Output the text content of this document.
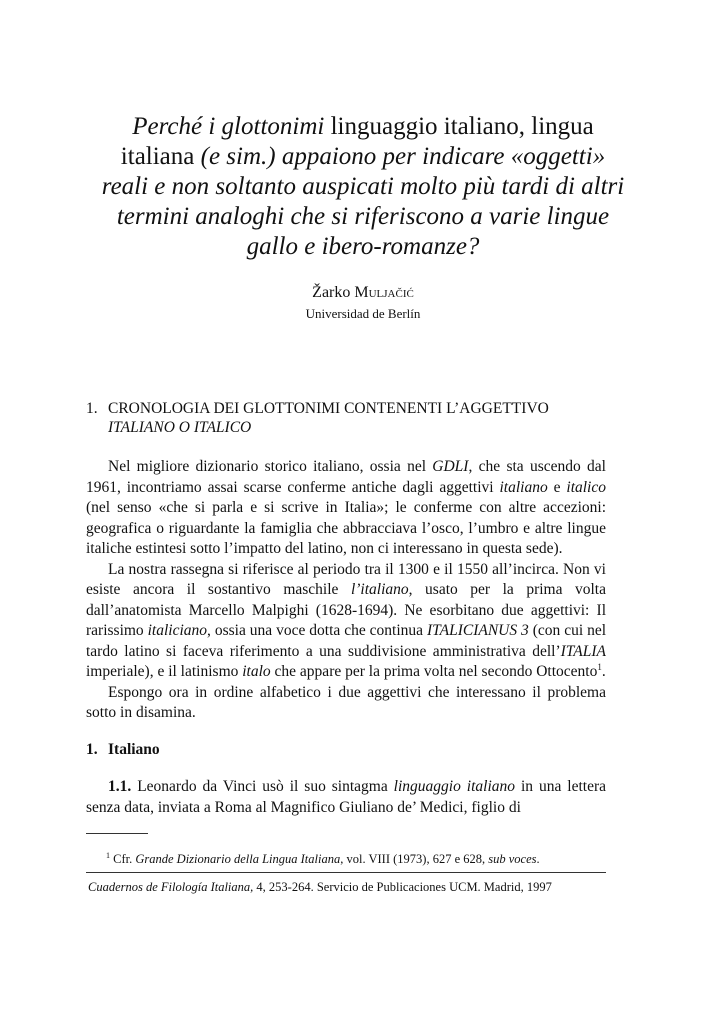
Perché i glottonimi linguaggio italiano, lingua
italiana (e sim.) appaiono per indicare «oggetti»
reali e non soltanto auspicati molto più tardi di altri
termini analoghi che si riferiscono a varie lingue
gallo e ibero-romanze?
Žarko Muljačić
Universidad de Berlín
1. CRONOLOGIA DEI GLOTTONIMI CONTENENTI L’AGGETTIVO
ITALIANO O ITALICO

Nel migliore dizionario storico italiano, ossia nel GDLI, che sta uscendo dal 1961, incontriamo assai scarse conferme antiche dagli aggettivi italiano e italico (nel senso «che si parla e si scrive in Italia»; le conferme con altre accezioni: geografica o riguardante la famiglia che abbracciava l’osco, l’umbro e altre lingue italiche estintesi sotto l’impatto del latino, non ci interessano in questa sede).

La nostra rassegna si riferisce al periodo tra il 1300 e il 1550 all’incirca. Non vi esiste ancora il sostantivo maschile l’italiano, usato per la prima volta dall’anatomista Marcello Malpighi (1628-1694). Ne esorbitano due aggettivi: Il rarissimo italiciano, ossia una voce dotta che continua ITALICIANUS 3 (con cui nel tardo latino si faceva riferimento a una suddivisione amministrativa dell’ITALIA imperiale), e il latinismo italo che appare per la prima volta nel secondo Ottocento$^1$.

Espongo ora in ordine alfabetico i due aggettivi che interessano il problema sotto in disamina.

1. Italiano

1.1. Leonardo da Vinci usò il suo sintagma linguaggio italiano in una lettera senza data, inviata a Roma al Magnifico Giuliano de’ Medici, figlio di

$^1$ Cfr. Grande Dizionario della Lingua Italiana, vol. VIII (1973), 627 e 628, sub voces.
Cuadernos de Filología Italiana, 4, 253-264. Servicio de Publicaciones UCM. Madrid, 1997
